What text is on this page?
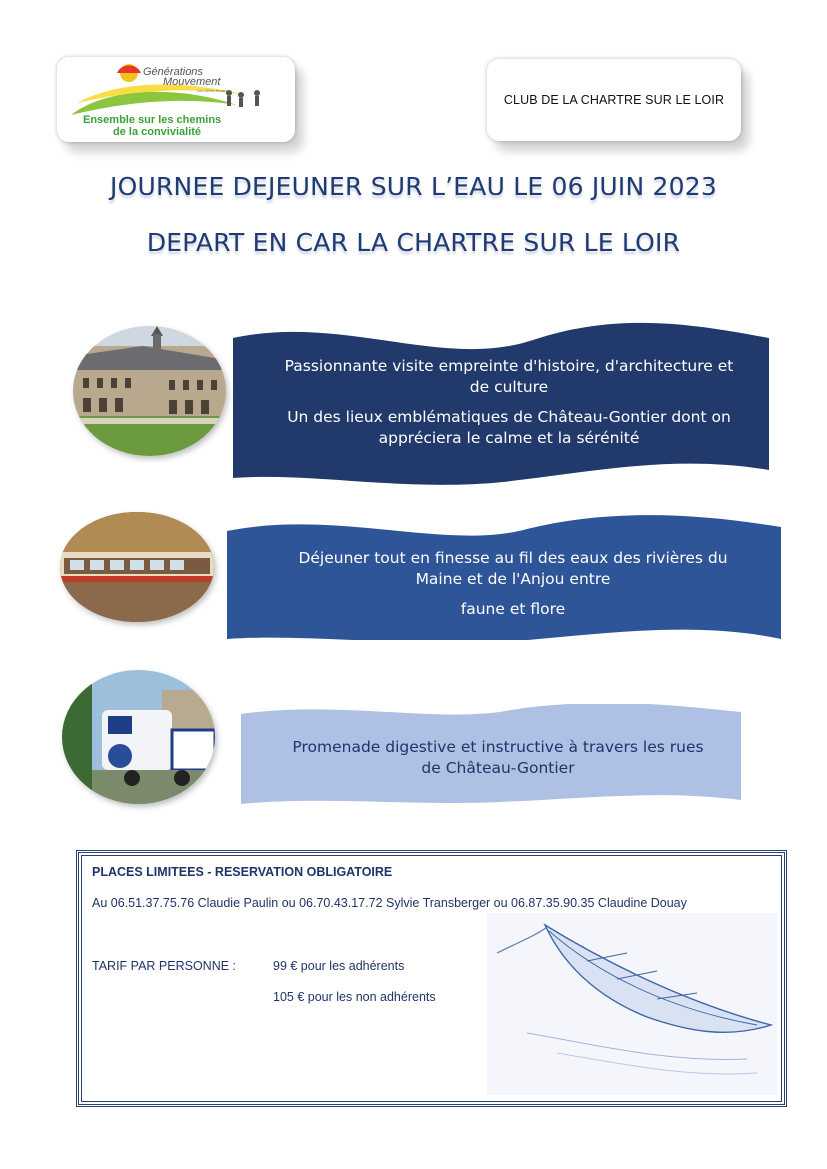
Générations
Mouvement
Les Aînés Ruraux
Ensemble sur les chemins
de la convivialité
CLUB DE LA CHARTRE SUR LE LOIR
JOURNEE DEJEUNER SUR L’EAU LE 06 JUIN 2023
DEPART EN CAR LA CHARTRE SUR LE LOIR

Passionnante visite empreinte d'histoire, d'architecture et de culture

Un des lieux emblématiques de Château-Gontier dont on appréciera le calme et la sérénité

Déjeuner tout en finesse au fil des eaux des rivières du Maine et de l'Anjou entre

faune et flore

Promenade digestive et instructive à travers les rues de Château-Gontier

PLACES LIMITEES - RESERVATION OBLIGATOIRE
Au 06.51.37.75.76 Claudie Paulin ou 06.70.43.17.72 Sylvie Transberger ou 06.87.35.90.35 Claudine Douay
TARIF PAR PERSONNE :	99 € pour les adhérents
105 € pour les non adhérents
